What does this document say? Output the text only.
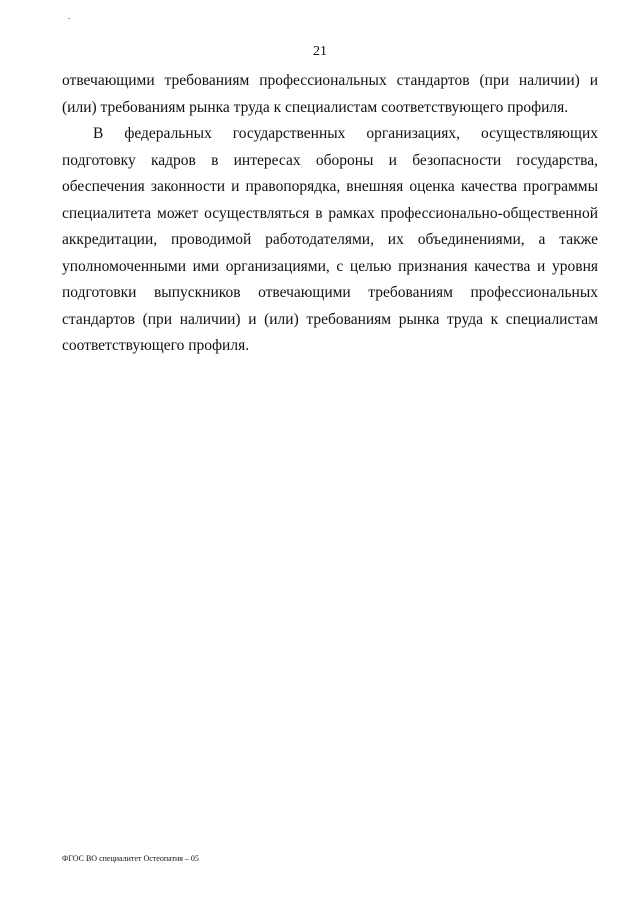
21

отвечающими требованиям профессиональных стандартов (при наличии) и (или) требованиям рынка труда к специалистам соответствующего профиля.

В федеральных государственных организациях, осуществляющих подготовку кадров в интересах обороны и безопасности государства, обеспечения законности и правопорядка, внешняя оценка качества программы специалитета может осуществляться в рамках профессионально-общественной аккредитации, проводимой работодателями, их объединениями, а также уполномоченными ими организациями, с целью признания качества и уровня подготовки выпускников отвечающими требованиям профессиональных стандартов (при наличии) и (или) требованиям рынка труда к специалистам соответствующего профиля.

ФГОС ВО специалитет Остеопатия – 05
